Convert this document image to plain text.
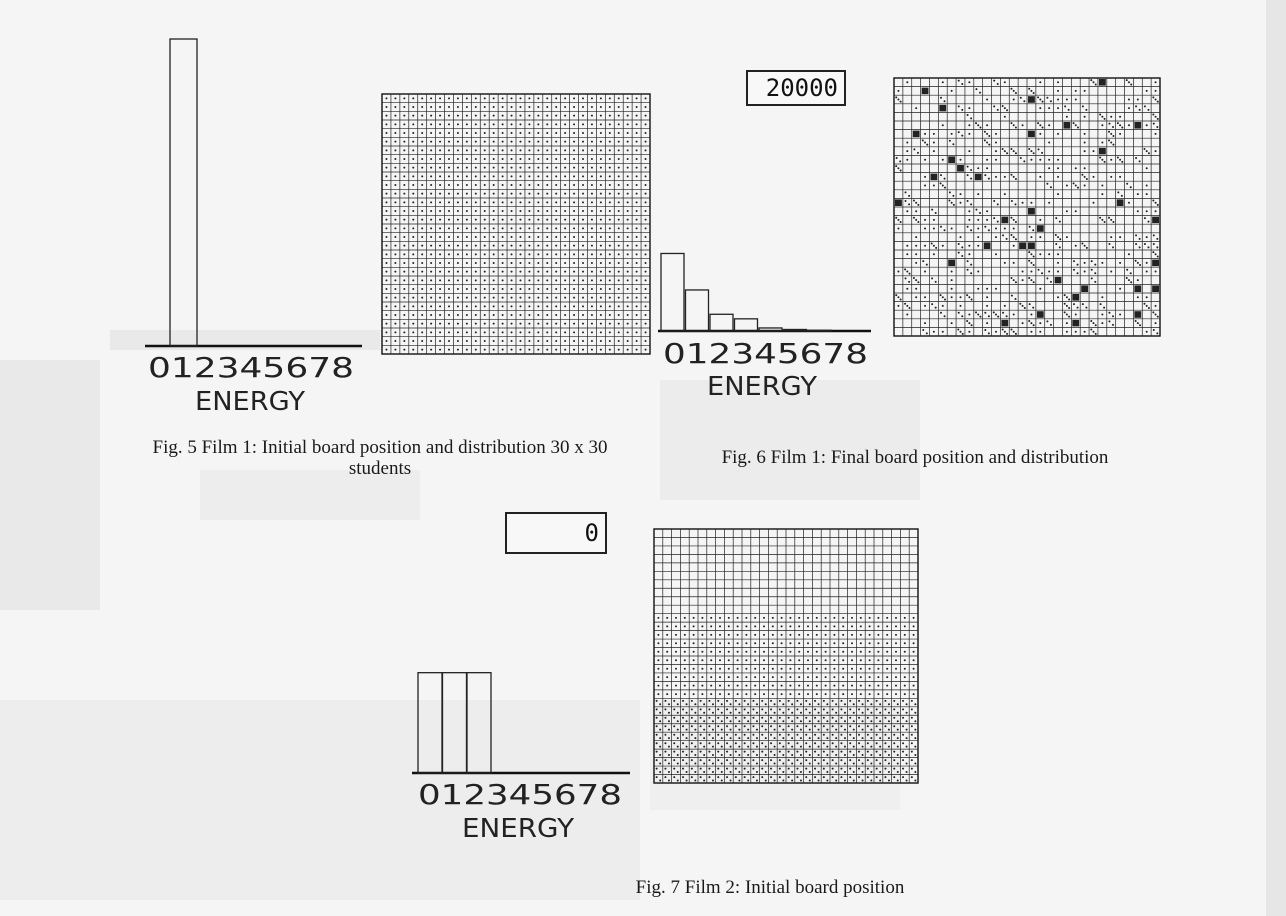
012345678
ENERGY
Fig. 5 Film 1: Initial board position and distribution 30 x 30 students
20000
012345678
ENERGY
Fig. 6 Film 1: Final board position and distribution
0
012345678
ENERGY
Fig. 7 Film 2: Initial board position
